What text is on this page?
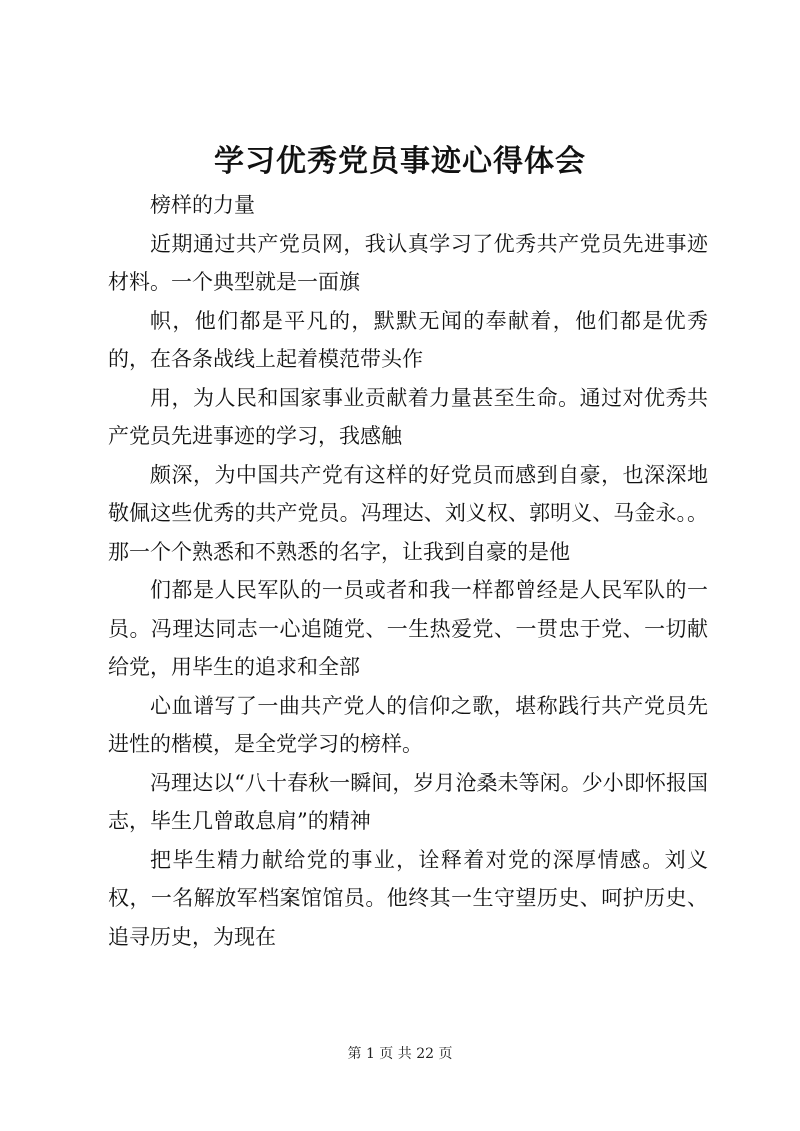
学习优秀党员事迹心得体会

榜样的力量

近期通过共产党员网，我认真学习了优秀共产党员先进事迹材料。一个典型就是一面旗

帜，他们都是平凡的，默默无闻的奉献着，他们都是优秀的，在各条战线上起着模范带头作

用，为人民和国家事业贡献着力量甚至生命。通过对优秀共产党员先进事迹的学习，我感触

颇深，为中国共产党有这样的好党员而感到自豪，也深深地敬佩这些优秀的共产党员。冯理达、刘义权、郭明义、马金永。。那一个个熟悉和不熟悉的名字，让我到自豪的是他

们都是人民军队的一员或者和我一样都曾经是人民军队的一员。冯理达同志一心追随党、一生热爱党、一贯忠于党、一切献给党，用毕生的追求和全部

心血谱写了一曲共产党人的信仰之歌，堪称践行共产党员先进性的楷模，是全党学习的榜样。

冯理达以“八十春秋一瞬间，岁月沧桑未等闲。少小即怀报国志，毕生几曾敢息肩”的精神

把毕生精力献给党的事业，诠释着对党的深厚情感。刘义权，一名解放军档案馆馆员。他终其一生守望历史、呵护历史、追寻历史，为现在

第 1 页 共 22 页
